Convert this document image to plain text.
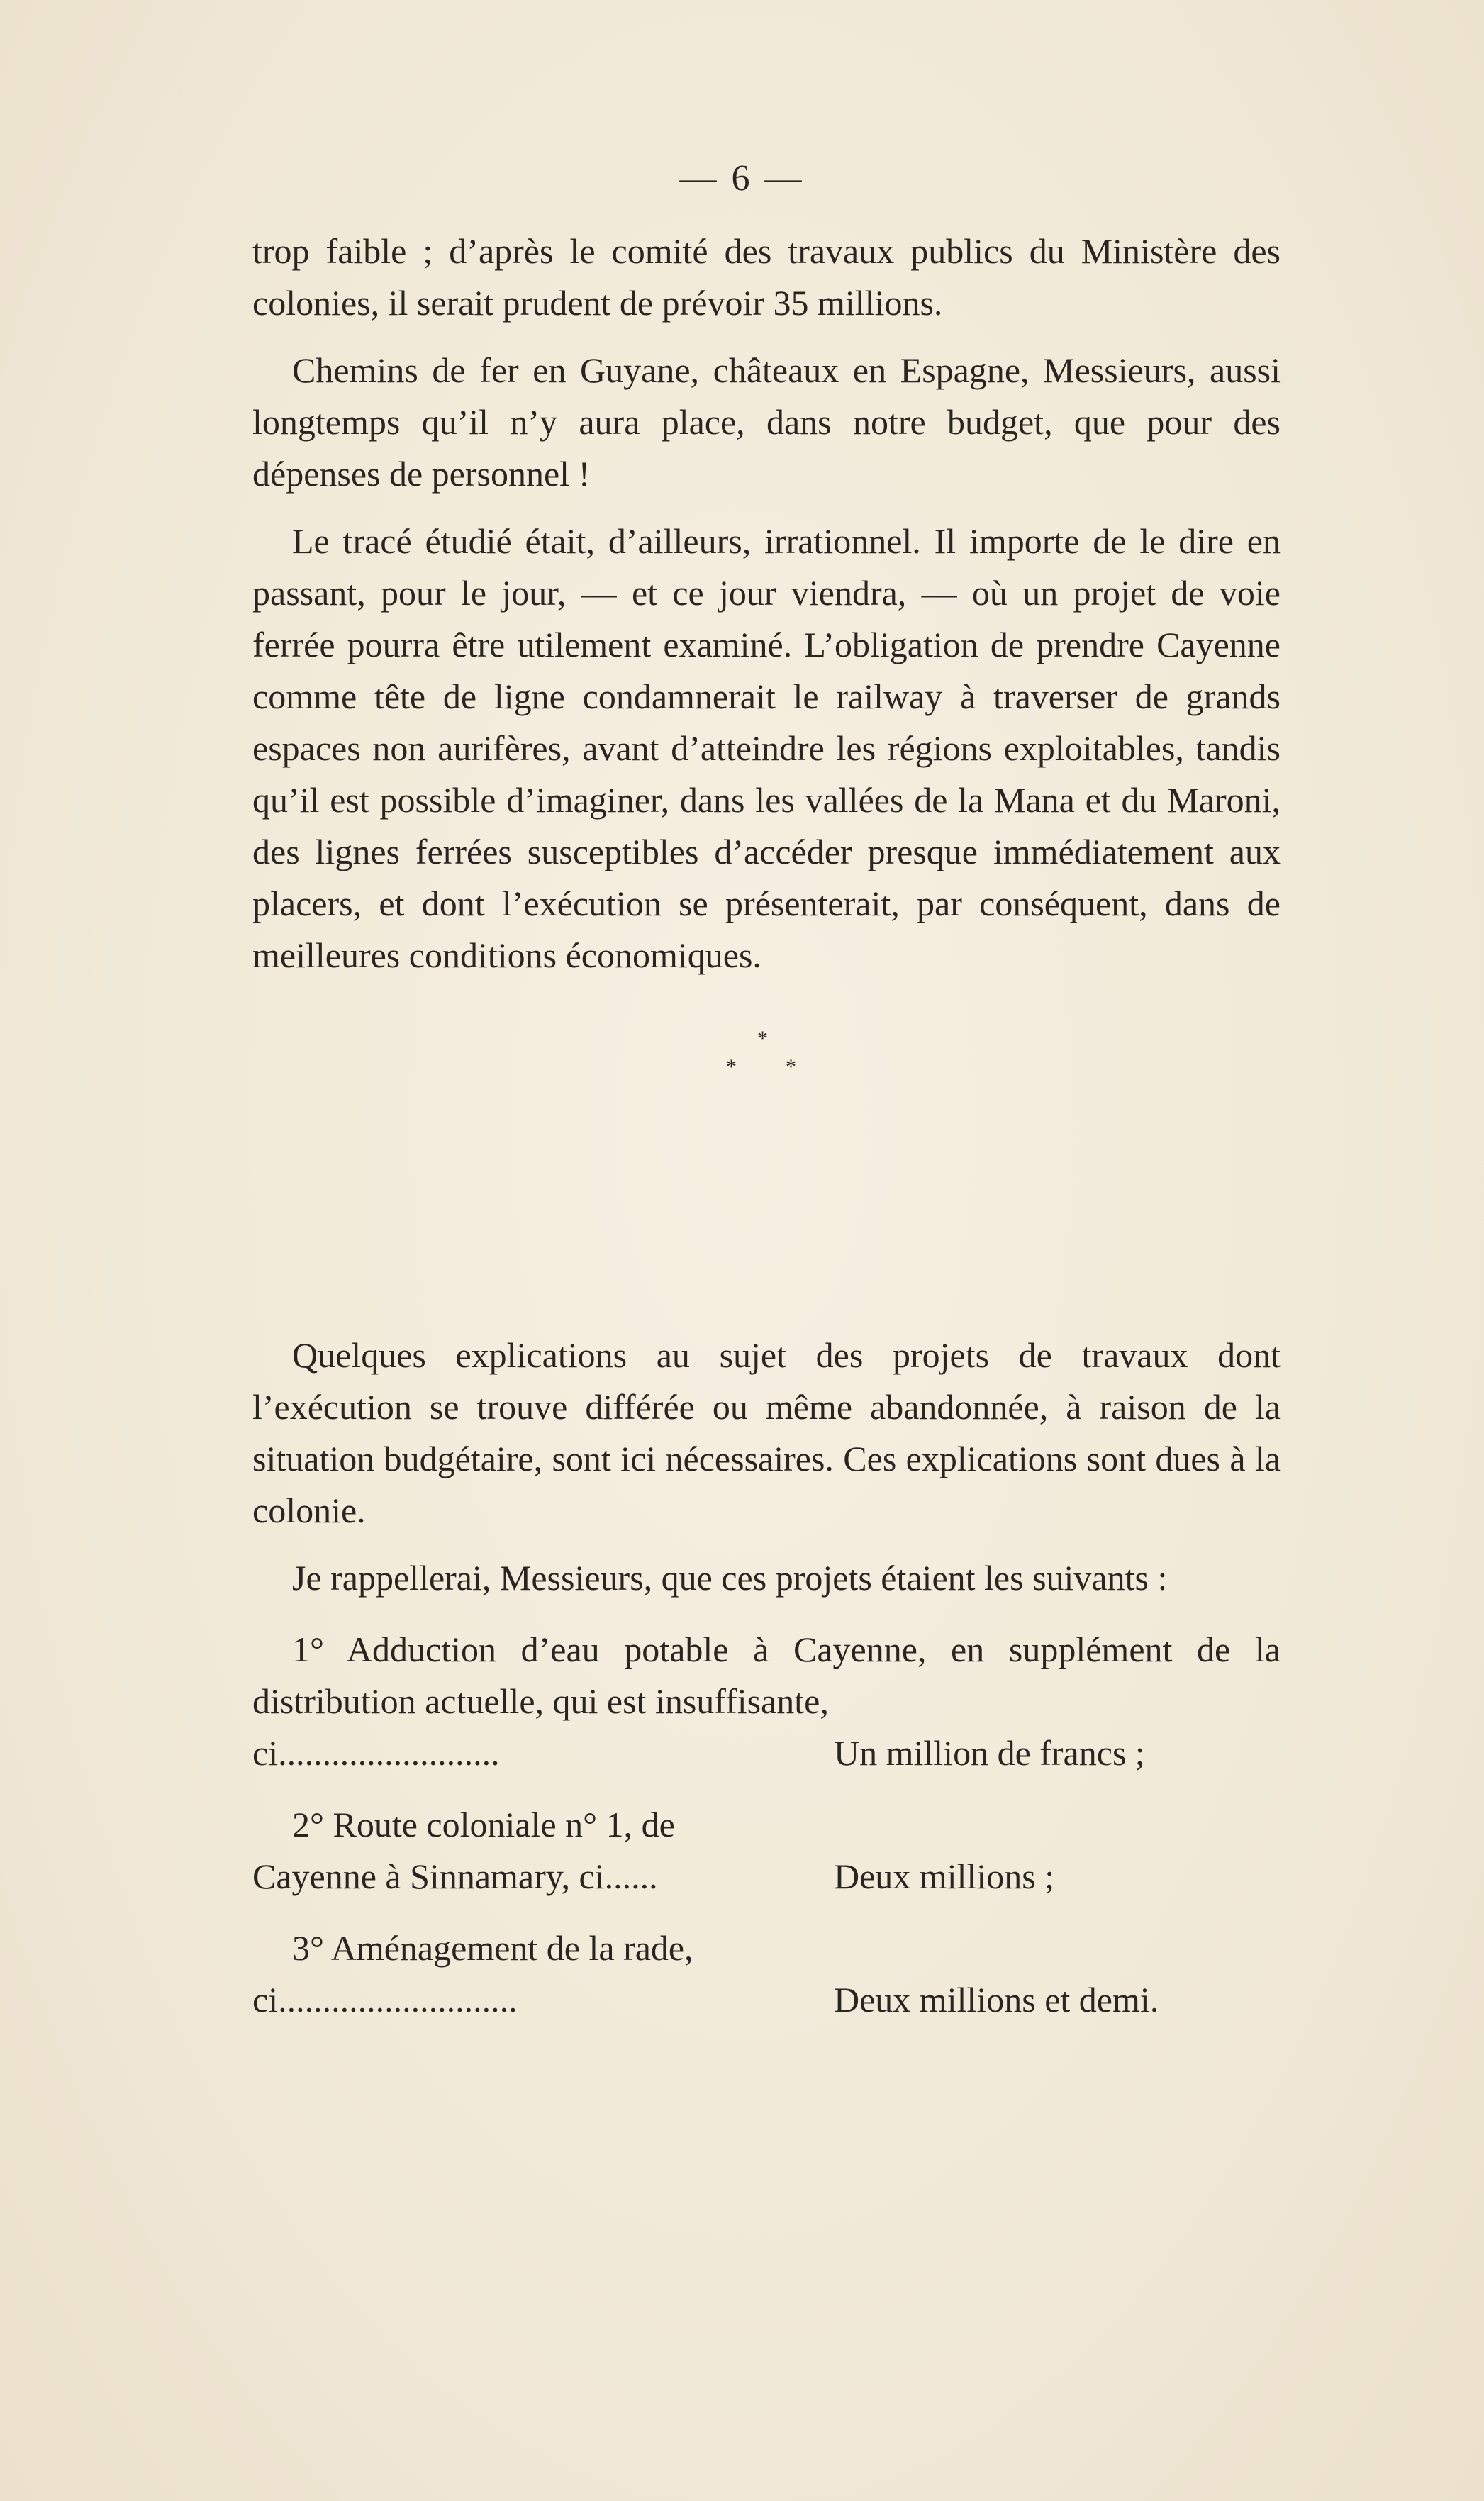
— 6 —

trop faible ; d’après le comité des travaux publics du Ministère des colonies, il serait prudent de prévoir 35 millions.

Chemins de fer en Guyane, châteaux en Espagne, Messieurs, aussi longtemps qu’il n’y aura place, dans notre budget, que pour des dépenses de personnel !

Le tracé étudié était, d’ailleurs, irrationnel. Il importe de le dire en passant, pour le jour, — et ce jour viendra, — où un projet de voie ferrée pourra être utilement examiné. L’obligation de prendre Cayenne comme tête de ligne condamnerait le railway à traverser de grands espaces non aurifères, avant d’atteindre les régions exploitables, tandis qu’il est possible d’imaginer, dans les vallées de la Mana et du Maroni, des lignes ferrées susceptibles d’accéder presque immédiatement aux placers, et dont l’exécution se présenterait, par conséquent, dans de meilleures conditions économiques.

*
* *

Quelques explications au sujet des projets de travaux dont l’exécution se trouve différée ou même abandonnée, à raison de la situation budgétaire, sont ici nécessaires. Ces explications sont dues à la colonie.

Je rappellerai, Messieurs, que ces projets étaient les suivants :

1° Adduction d’eau potable à Cayenne, en supplément de la distribution actuelle, qui est insuffisante,

ci.........................	Un million de francs ;

2° Route coloniale n° 1, de

Cayenne à Sinnamary, ci......	Deux millions ;

3° Aménagement de la rade,

ci...........................	Deux millions et demi.
